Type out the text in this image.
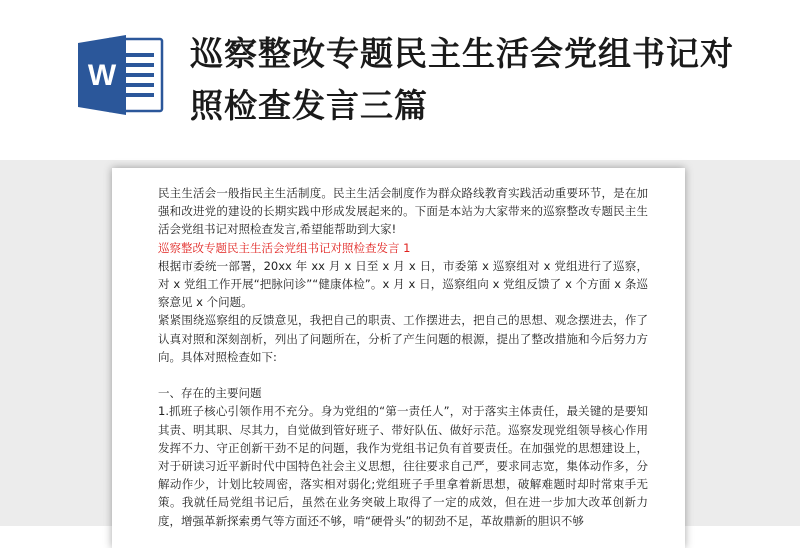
W
巡察整改专题民主生活会党组书记对照检查发言三篇

民主生活会一般指民主生活制度。民主生活会制度作为群众路线教育实践活动重要环节，是在加强和改进党的建设的长期实践中形成发展起来的。下面是本站为大家带来的巡察整改专题民主生活会党组书记对照检查发言,希望能帮助到大家!

巡察整改专题民主生活会党组书记对照检查发言 1

根据市委统一部署，20xx 年 xx 月 x 日至 x 月 x 日，市委第 x 巡察组对 x 党组进行了巡察，对 x 党组工作开展“把脉问诊”“健康体检”。x 月 x 日，巡察组向 x 党组反馈了 x 个方面 x 条巡察意见 x 个问题。

紧紧围绕巡察组的反馈意见，我把自己的职责、工作摆进去，把自己的思想、观念摆进去，作了认真对照和深刻剖析，列出了问题所在，分析了产生问题的根源，提出了整改措施和今后努力方向。具体对照检查如下:

一、存在的主要问题

1.抓班子核心引领作用不充分。身为党组的“第一责任人”，对于落实主体责任，最关键的是要知其责、明其职、尽其力，自觉做到管好班子、带好队伍、做好示范。巡察发现党组领导核心作用发挥不力、守正创新干劲不足的问题，我作为党组书记负有首要责任。在加强党的思想建设上，对于研读习近平新时代中国特色社会主义思想，往往要求自己严，要求同志宽，集体动作多，分解动作少，计划比较周密，落实相对弱化;党组班子手里拿着新思想，破解难题时却时常束手无策。我就任局党组书记后，虽然在业务突破上取得了一定的成效，但在进一步加大改革创新力度，增强革新探索勇气等方面还不够，啃“硬骨头”的韧劲不足，革故鼎新的胆识不够
